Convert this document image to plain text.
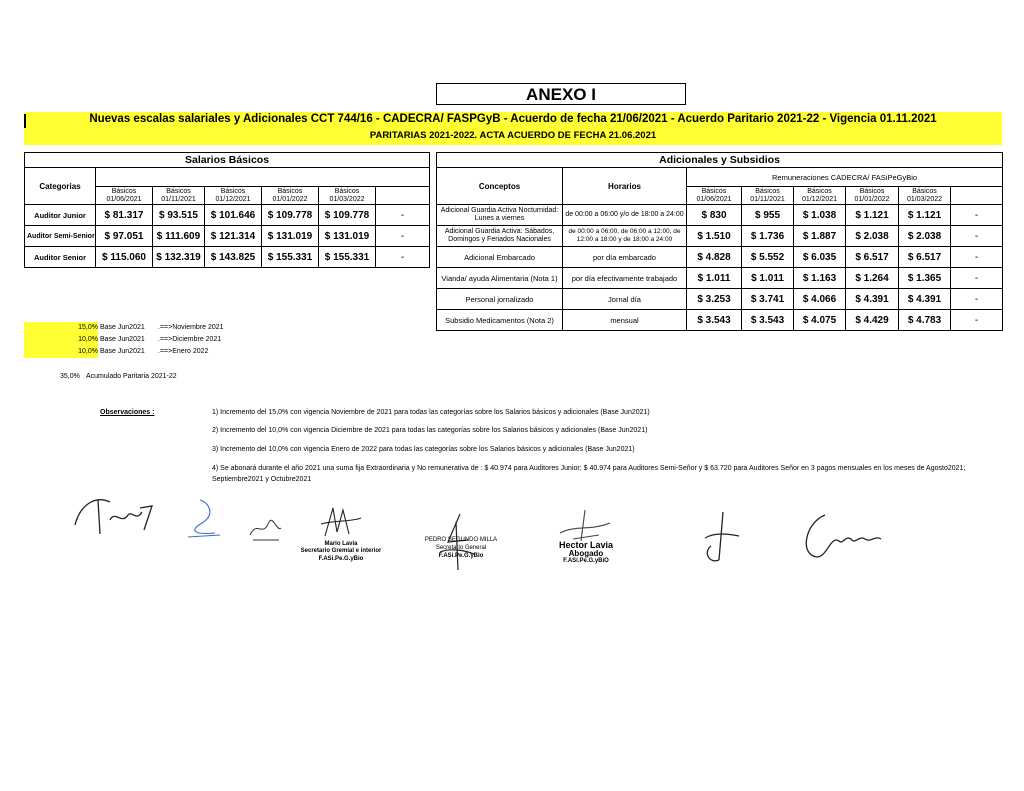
ANEXO I
Nuevas escalas salariales y Adicionales CCT 744/16 - CADECRA/ FASPGyB - Acuerdo de fecha 21/06/2021 - Acuerdo Paritario 2021-22 - Vigencia 01.11.2021
PARITARIAS 2021-2022. ACTA ACUERDO DE FECHA 21.06.2021
Salarios Básicos						
Categorias						
	Básicos 01/06/2021	Básicos 01/11/2021	Básicos 01/12/2021	Básicos 01/01/2022	Básicos 01/03/2022	
Auditor Junior	$ 81.317	$ 93.515	$ 101.646	$ 109.778	$ 109.778	-
Auditor Semi-Senior	$ 97.051	$ 111.609	$ 121.314	$ 131.019	$ 131.019	-
Auditor Senior	$ 115.060	$ 132.319	$ 143.825	$ 155.331	$ 155.331	-
Adicionales y Subsidios							
Conceptos	Horarios	Remuneraciones CADECRA/ FASiPeGyBio					
		Básicos 01/06/2021	Básicos 01/11/2021	Básicos 01/12/2021	Básicos 01/01/2022	Básicos 01/03/2022	
Adicional Guardia Activa Nocturnidad: Lunes a viernes	de 00:00 a 06:00 y/o de 18:00 a 24:00	$ 830	$ 955	$ 1.038	$ 1.121	$ 1.121	-
Adicional Guardia Activa: Sábados, Domingos y Feriados Nacionales	de 00:00 a 06:00, de 06:00 a 12:00, de 12:00 a 18:00 y de 18:00 a 24:00	$ 1.510	$ 1.736	$ 1.887	$ 2.038	$ 2.038	-
Adicional Embarcado	por día embarcado	$ 4.828	$ 5.552	$ 6.035	$ 6.517	$ 6.517	-
Vianda/ ayuda Alimentaria (Nota 1)	por día efectivamente trabajado	$ 1.011	$ 1.011	$ 1.163	$ 1.264	$ 1.365	-
Personal jornalizado	Jornal día	$ 3.253	$ 3.741	$ 4.066	$ 4.391	$ 4.391	-
Subsidio Medicamentos (Nota 2)	mensual	$ 3.543	$ 3.543	$ 4.075	$ 4.429	$ 4.783	-
15,0% Base Jun2021 .==>Noviembre 2021
10,0% Base Jun2021 .==>Diciembre 2021
10,0% Base Jun2021 .==>Enero 2022
35,0% Acumulado Paritaria 2021-22
Observaciones :	1) Incremento del 15,0% con vigencia Noviembre de 2021 para todas las categorías sobre los Salarios básicos y adicionales (Base Jun2021)
2) Incremento del 10,0% con vigencia Diciembre de 2021 para todas las categorías sobre los Salarios básicos y adicionales (Base Jun2021)
3) Incremento del 10,0% con vigencia Enero de 2022 para todas las categorías sobre los Salarios básicos y adicionales (Base Jun2021)
4) Se abonará durante el año 2021 una suma fija Extraordinaria y No remunerativa de : $ 40.974 para Auditores Junior; $ 40.974 para Auditores Semi-Señor y $ 63.720 para Auditores Señor en 3 pagos mensuales en los meses de Agosto2021; Septiembre2021 y Octubre2021
Mario Lavia
Secretario Gremial e interior
F.ASi.Pe.G.yBio
PEDRO SEGUNDO MILLA
Secretario General
F.ASi.Pe.G.yBio
Hector Lavia
Abogado
F.ASi.Pe.G.yBiO
